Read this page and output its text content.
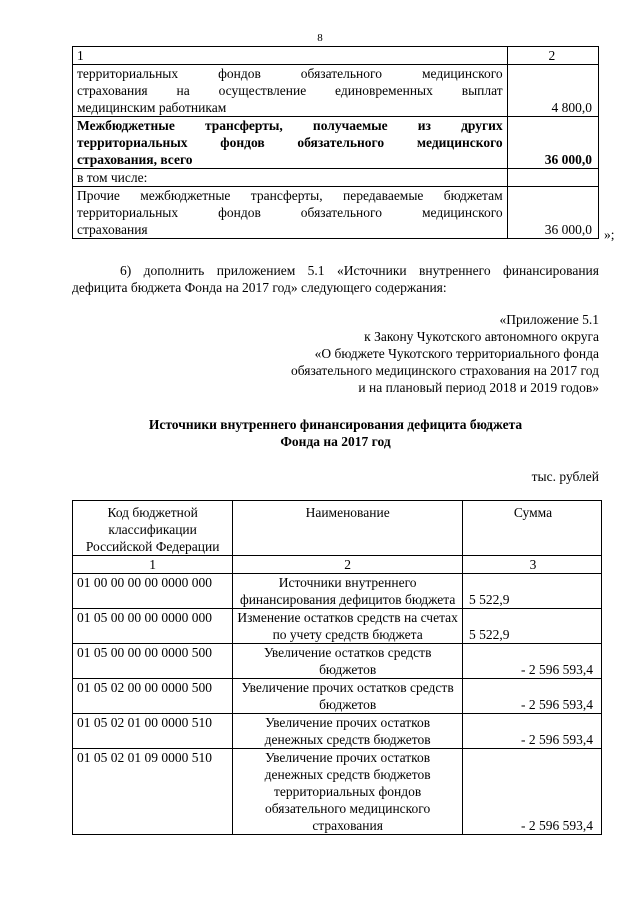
8
1	2

территориальных фондов обязательного медицинского
страхования на осуществление единовременных выплат
медицинским работникам	4 800,0

Межбюджетные трансферты, получаемые из других
территориальных фондов обязательного медицинского
страхования, всего	36 000,0

в том числе:	

Прочие межбюджетные трансферты, передаваемые бюджетам
территориальных фондов обязательного медицинского
страхования	36 000,0 »;
6) дополнить приложением 5.1 «Источники внутреннего финансирования дефицита бюджета Фонда на 2017 год» следующего содержания:
«Приложение 5.1
к Закону Чукотского автономного округа
«О бюджете Чукотского территориального фонда
обязательного медицинского страхования на 2017 год
и на плановый период 2018 и 2019 годов»
Источники внутреннего финансирования дефицита бюджета
Фонда на 2017 год
тыс. рублей
Код бюджетной классификации Российской Федерации	Наименование	Сумма
1	2	3
01 00 00 00 00 0000 000	Источники внутреннего финансирования дефицитов бюджета	5 522,9
01 05 00 00 00 0000 000	Изменение остатков средств на счетах по учету средств бюджета	5 522,9
01 05 00 00 00 0000 500	Увеличение остатков средств бюджетов	- 2 596 593,4
01 05 02 00 00 0000 500	Увеличение прочих остатков средств бюджетов	- 2 596 593,4
01 05 02 01 00 0000 510	Увеличение прочих остатков денежных средств бюджетов	- 2 596 593,4
01 05 02 01 09 0000 510	Увеличение прочих остатков денежных средств бюджетов территориальных фондов обязательного медицинского страхования	- 2 596 593,4
